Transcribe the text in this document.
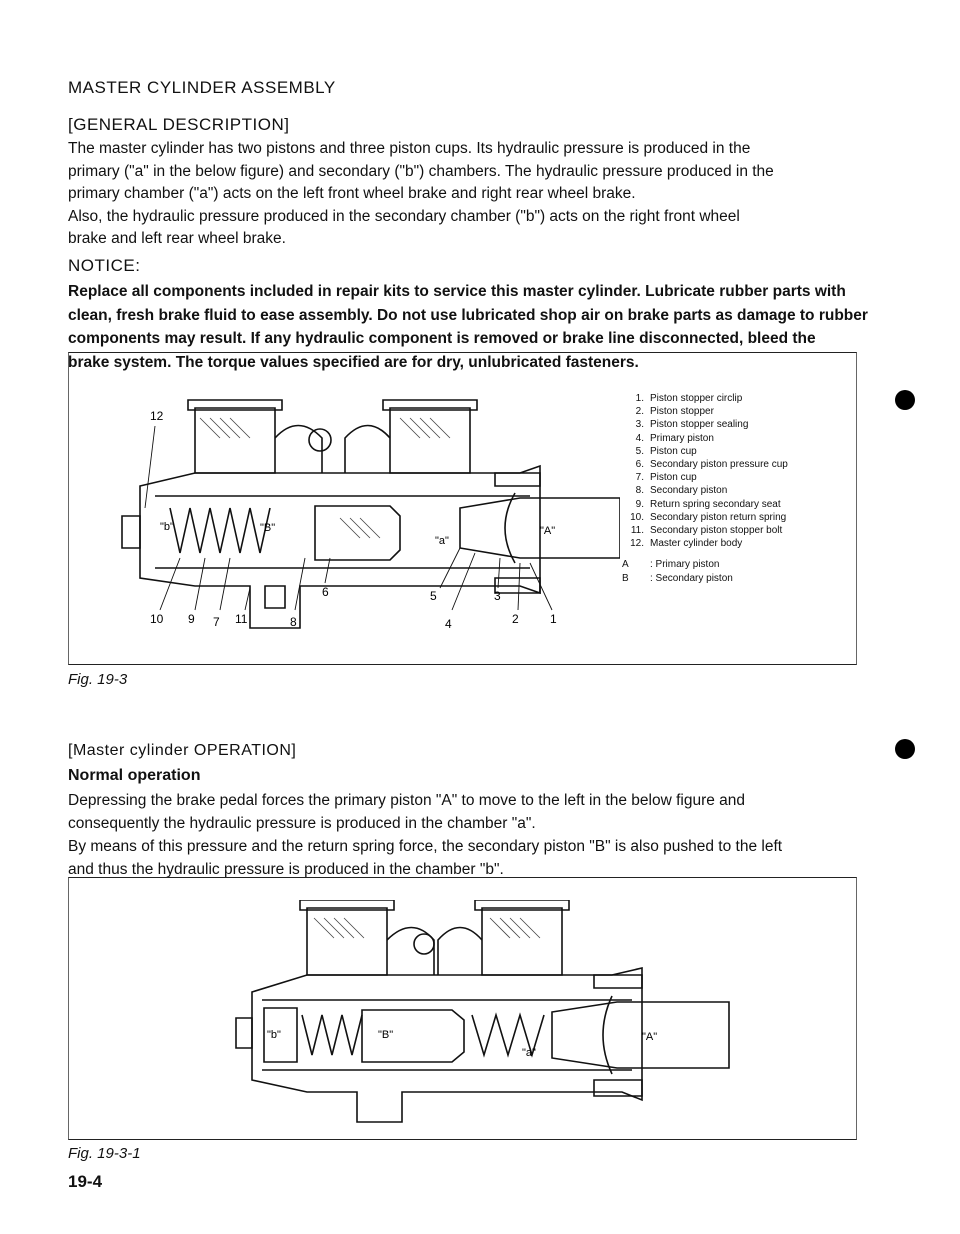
MASTER CYLINDER ASSEMBLY
[GENERAL DESCRIPTION]
The master cylinder has two pistons and three piston cups. Its hydraulic pressure is produced in the
primary ("a" in the below figure) and secondary ("b") chambers. The hydraulic pressure produced in the
primary chamber ("a") acts on the left front wheel brake and right rear wheel brake.
Also, the hydraulic pressure produced in the secondary chamber ("b") acts on the right front wheel
brake and left rear wheel brake.
NOTICE:
Replace all components included in repair kits to service this master cylinder. Lubricate rubber parts with
clean, fresh brake fluid to ease assembly. Do not use lubricated shop air on brake parts as damage to rubber
components may result. If any hydraulic component is removed or brake line disconnected, bleed the
brake system. The torque values specified are for dry, unlubricated fasteners.
12
"b"	"B"
"a"
"A"
10 9 7 11	8
6	5
4
3
2	1
1. Piston stopper circlip
2. Piston stopper
3. Piston stopper sealing
4. Primary piston
5. Piston cup
6. Secondary piston pressure cup
7. Piston cup
8. Secondary piston
9. Return spring secondary seat
10. Secondary piston return spring
11. Secondary piston stopper bolt
12. Master cylinder body
A : Primary piston
B : Secondary piston
Fig. 19-3
[Master cylinder OPERATION]
Normal operation
Depressing the brake pedal forces the primary piston "A" to move to the left in the below figure and
consequently the hydraulic pressure is produced in the chamber "a".
By means of this pressure and the return spring force, the secondary piston "B" is also pushed to the left
and thus the hydraulic pressure is produced in the chamber "b".
"b"	"B"
"a"
"A"
Fig. 19-3-1
19-4
